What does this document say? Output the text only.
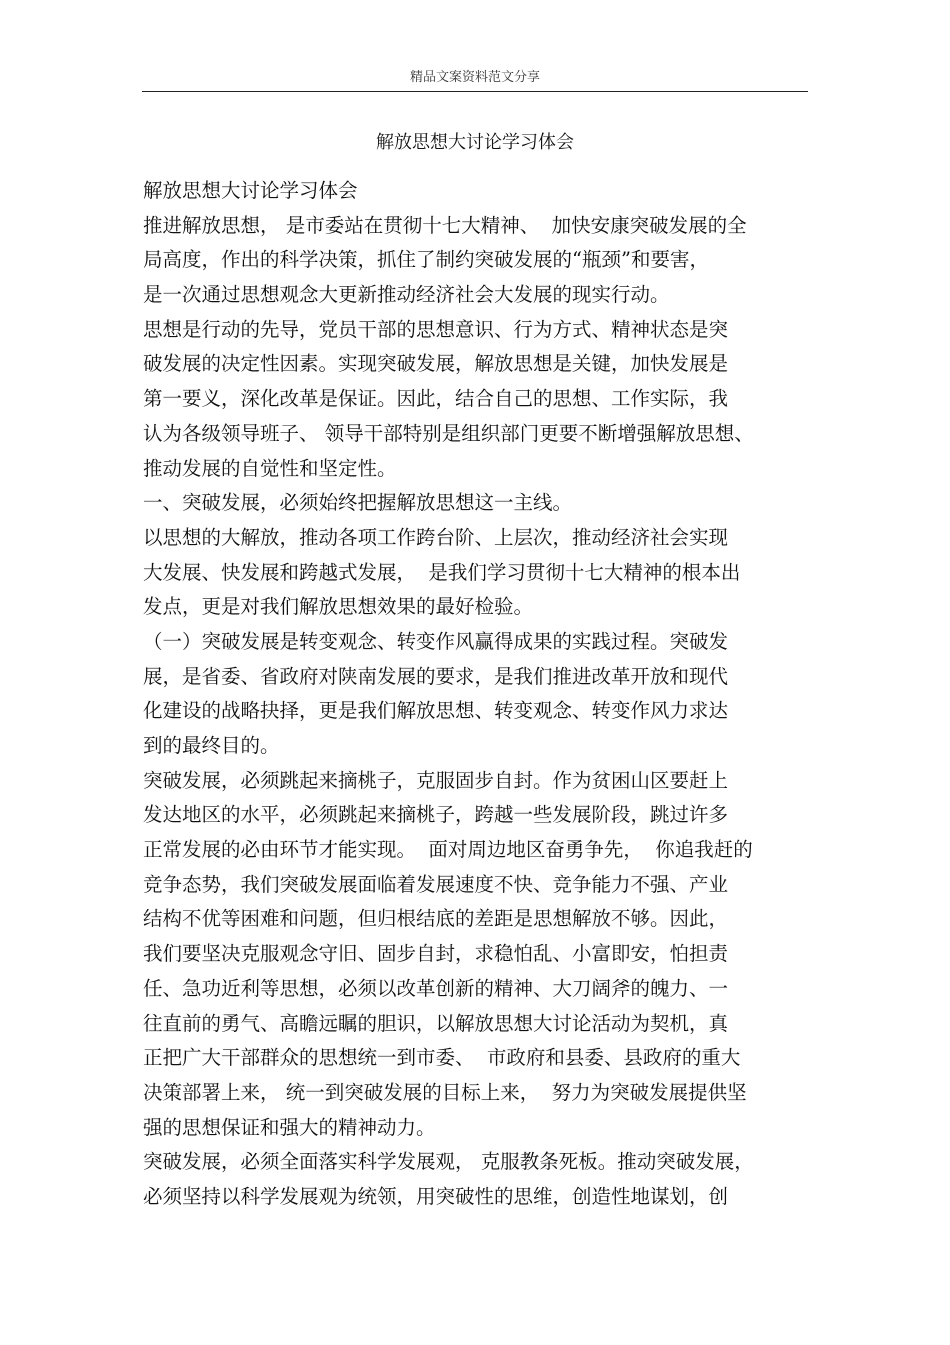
精品文案资料范文分享
解放思想大讨论学习体会
解放思想大讨论学习体会
推进解放思想， 是市委站在贯彻十七大精神、  加快安康突破发展的全
局高度，作出的科学决策，抓住了制约突破发展的“瓶颈”和要害，
是一次通过思想观念大更新推动经济社会大发展的现实行动。
思想是行动的先导，党员干部的思想意识、行为方式、精神状态是突
破发展的决定性因素。实现突破发展，解放思想是关键，加快发展是
第一要义，深化改革是保证。因此，结合自己的思想、工作实际，我
认为各级领导班子、 领导干部特别是组织部门更要不断增强解放思想、
推动发展的自觉性和坚定性。
一、突破发展，必须始终把握解放思想这一主线。
以思想的大解放，推动各项工作跨台阶、上层次，推动经济社会实现
大发展、快发展和跨越式发展，  是我们学习贯彻十七大精神的根本出
发点，更是对我们解放思想效果的最好检验。
（一）突破发展是转变观念、转变作风赢得成果的实践过程。突破发
展，是省委、省政府对陕南发展的要求，是我们推进改革开放和现代
化建设的战略抉择，更是我们解放思想、转变观念、转变作风力求达
到的最终目的。
突破发展，必须跳起来摘桃子，克服固步自封。作为贫困山区要赶上
发达地区的水平，必须跳起来摘桃子，跨越一些发展阶段，跳过许多
正常发展的必由环节才能实现。  面对周边地区奋勇争先，  你追我赶的
竞争态势，我们突破发展面临着发展速度不快、竞争能力不强、产业
结构不优等困难和问题，但归根结底的差距是思想解放不够。因此，
我们要坚决克服观念守旧、固步自封，求稳怕乱、小富即安，怕担责
任、急功近利等思想，必须以改革创新的精神、大刀阔斧的魄力、一
往直前的勇气、高瞻远瞩的胆识，以解放思想大讨论活动为契机，真
正把广大干部群众的思想统一到市委、  市政府和县委、县政府的重大
决策部署上来， 统一到突破发展的目标上来，  努力为突破发展提供坚
强的思想保证和强大的精神动力。
突破发展，必须全面落实科学发展观， 克服教条死板。推动突破发展，
必须坚持以科学发展观为统领，用突破性的思维，创造性地谋划，创
